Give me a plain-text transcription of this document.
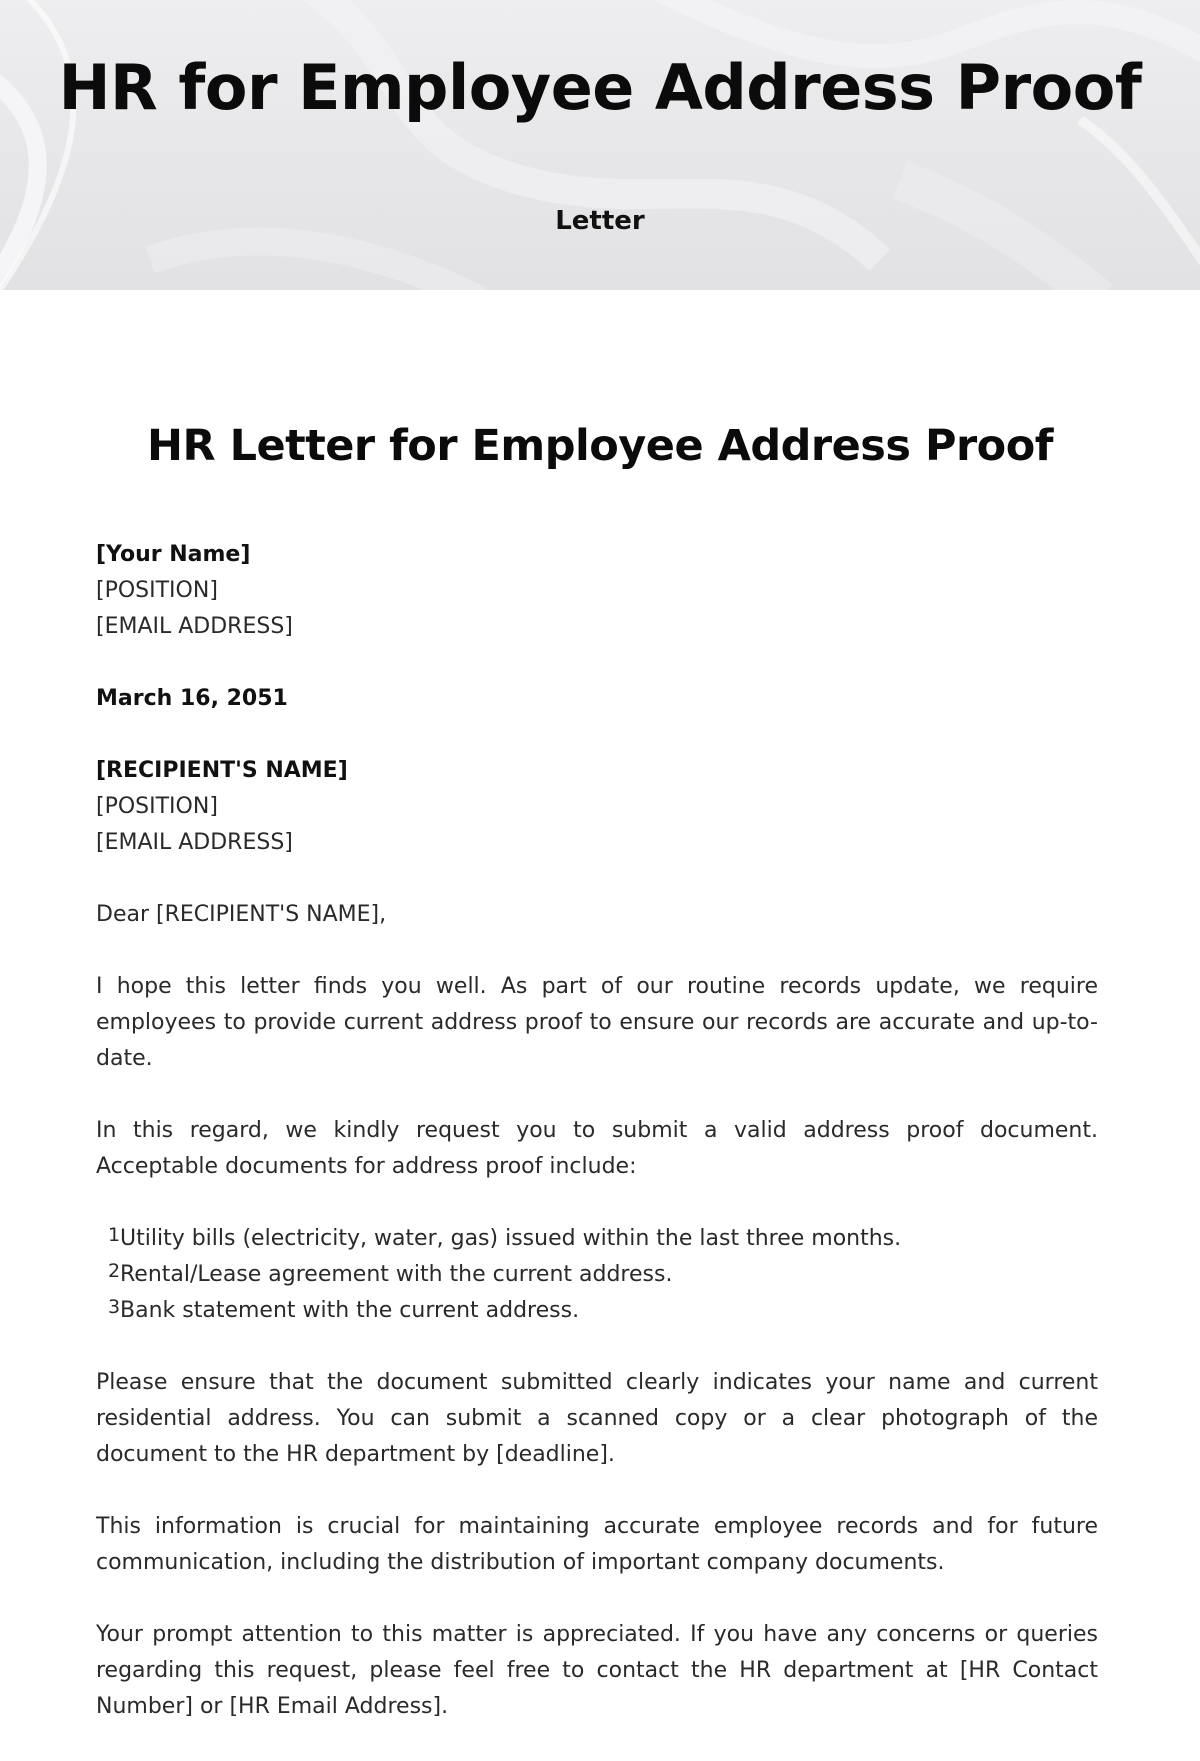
HR for Employee Address Proof
Letter
HR Letter for Employee Address Proof
[Your Name]
[POSITION]
[EMAIL ADDRESS]
March 16, 2051
[RECIPIENT'S NAME]
[POSITION]
[EMAIL ADDRESS]
Dear [RECIPIENT'S NAME],

I hope this letter finds you well. As part of our routine records update, we require employees to provide current address proof to ensure our records are accurate and up-to-date.

In this regard, we kindly request you to submit a valid address proof document. Acceptable documents for address proof include:

1 Utility bills (electricity, water, gas) issued within the last three months.
2 Rental/Lease agreement with the current address.
3 Bank statement with the current address.

Please ensure that the document submitted clearly indicates your name and current residential address. You can submit a scanned copy or a clear photograph of the document to the HR department by [deadline].

This information is crucial for maintaining accurate employee records and for future communication, including the distribution of important company documents.

Your prompt attention to this matter is appreciated. If you have any concerns or queries regarding this request, please feel free to contact the HR department at [HR Contact Number] or [HR Email Address].
